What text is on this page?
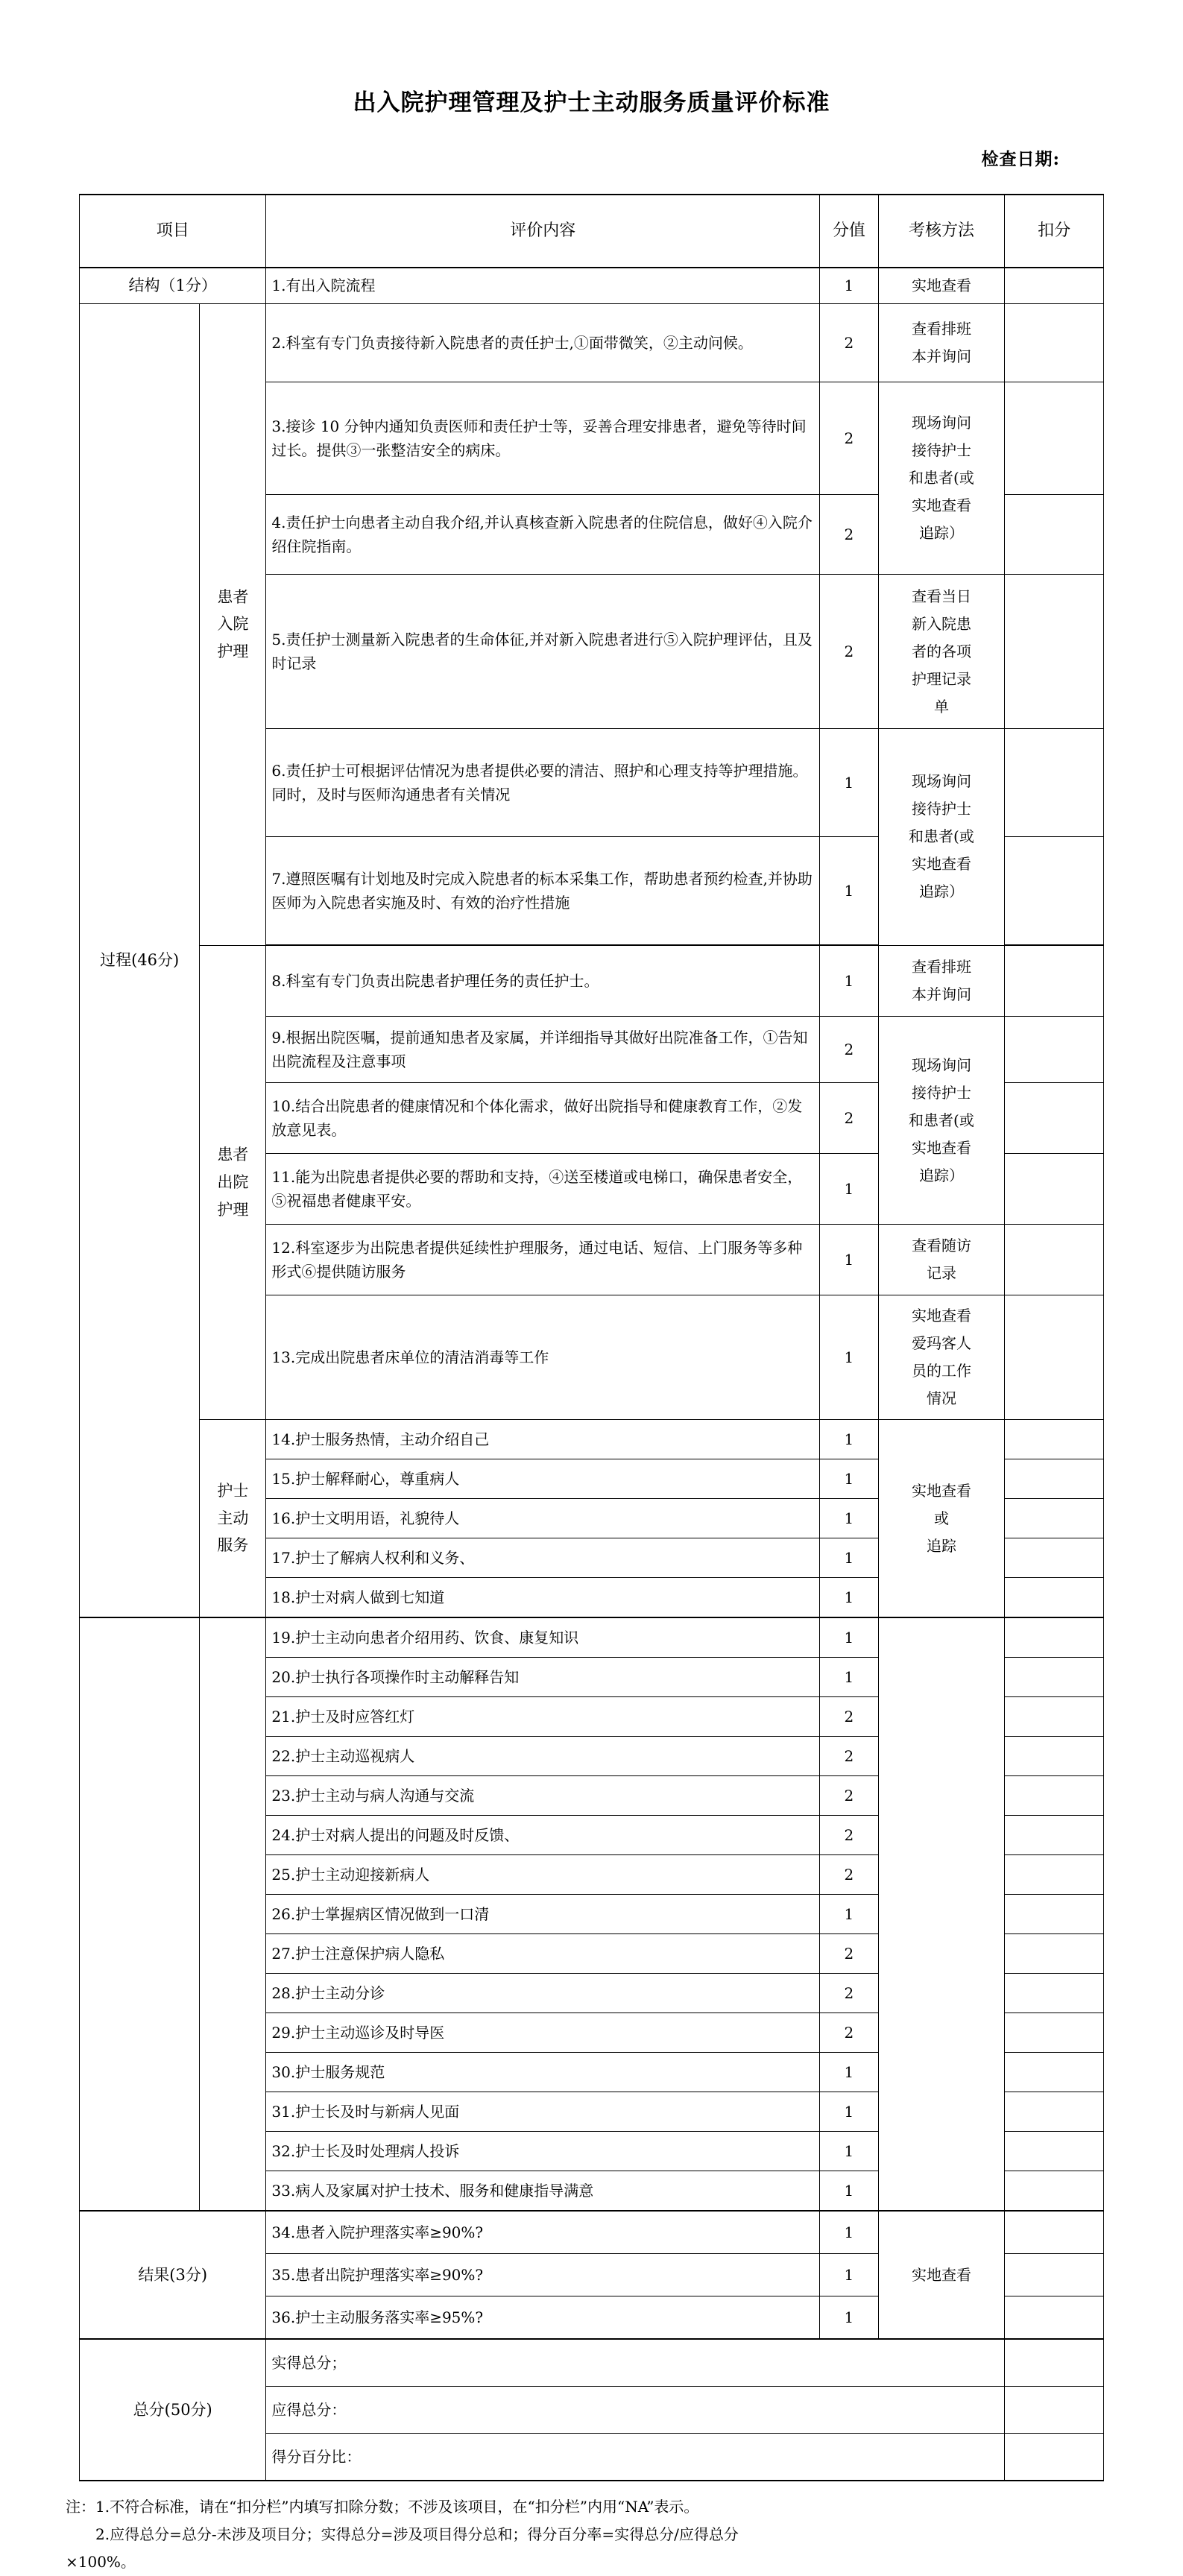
出入院护理管理及护士主动服务质量评价标准
检查日期:
项目		评价内容	分值	考核方法	扣分
结构（1分）		1.有出入院流程	1	实地查看	
过程(46分)	患者
入院
护理	2.科室有专门负责接待新入院患者的责任护士,①面带微笑，②主动问候。	2	查看排班
本并询问	
		3.接诊 10 分钟内通知负责医师和责任护士等，妥善合理安排患者，避免等待时间过长。提供③一张整洁安全的病床。	2	现场询问
接待护士
和患者(或
实地查看
追踪）	
		4.责任护士向患者主动自我介绍,并认真核查新入院患者的住院信息，做好④入院介绍住院指南。	2		
		5.责任护士测量新入院患者的生命体征,并对新入院患者进行⑤入院护理评估，且及时记录	2	查看当日
新入院患
者的各项
护理记录
单	
		6.责任护士可根据评估情况为患者提供必要的清洁、照护和心理支持等护理措施。同时，及时与医师沟通患者有关情况	1	现场询问
接待护士
和患者(或
实地查看
追踪）	
		7.遵照医嘱有计划地及时完成入院患者的标本采集工作，帮助患者预约检查,并协助医师为入院患者实施及时、有效的治疗性措施	1		
	患者
出院
护理	8.科室有专门负责出院患者护理任务的责任护士。	1	查看排班
本并询问	
		9.根据出院医嘱，提前通知患者及家属，并详细指导其做好出院准备工作，①告知出院流程及注意事项	2	现场询问
接待护士
和患者(或
实地查看
追踪）	
		10.结合出院患者的健康情况和个体化需求，做好出院指导和健康教育工作，②发放意见表。	2		
		11.能为出院患者提供必要的帮助和支持，④送至楼道或电梯口，确保患者安全，⑤祝福患者健康平安。	1		
		12.科室逐步为出院患者提供延续性护理服务，通过电话、短信、上门服务等多种形式⑥提供随访服务	1	查看随访
记录	
		13.完成出院患者床单位的清洁消毒等工作	1	实地查看
爱玛客人
员的工作
情况	
	护士
主动
服务	14.护士服务热情，主动介绍自己	1	实地查看
或
追踪	
		15.护士解释耐心，尊重病人	1		
		16.护士文明用语，礼貌待人	1		
		17.护士了解病人权利和义务、	1		
		18.护士对病人做到七知道	1		
		19.护士主动向患者介绍用药、饮食、康复知识	1		
		20.护士执行各项操作时主动解释告知	1		
		21.护士及时应答红灯	2		
		22.护士主动巡视病人	2		
		23.护士主动与病人沟通与交流	2		
		24.护士对病人提出的问题及时反馈、	2		
		25.护士主动迎接新病人	2		
		26.护士掌握病区情况做到一口清	1		
		27.护士注意保护病人隐私	2		
		28.护士主动分诊	2		
		29.护士主动巡诊及时导医	2		
		30.护士服务规范	1		
		31.护士长及时与新病人见面	1		
		32.护士长及时处理病人投诉	1		
		33.病人及家属对护士技术、服务和健康指导满意	1		
结果(3分)		34.患者入院护理落实率≥90%?	1	实地查看	
		35.患者出院护理落实率≥90%?	1		
		36.护士主动服务落实率≥95%?	1		
总分(50分)		实得总分；			
		应得总分：			
		得分百分比：			

注：1.不符合标准，请在“扣分栏”内填写扣除分数；不涉及该项目，在“扣分栏”内用“NA”表示。

2.应得总分=总分-未涉及项目分；实得总分=涉及项目得分总和；得分百分率=实得总分/应得总分

×100%。
